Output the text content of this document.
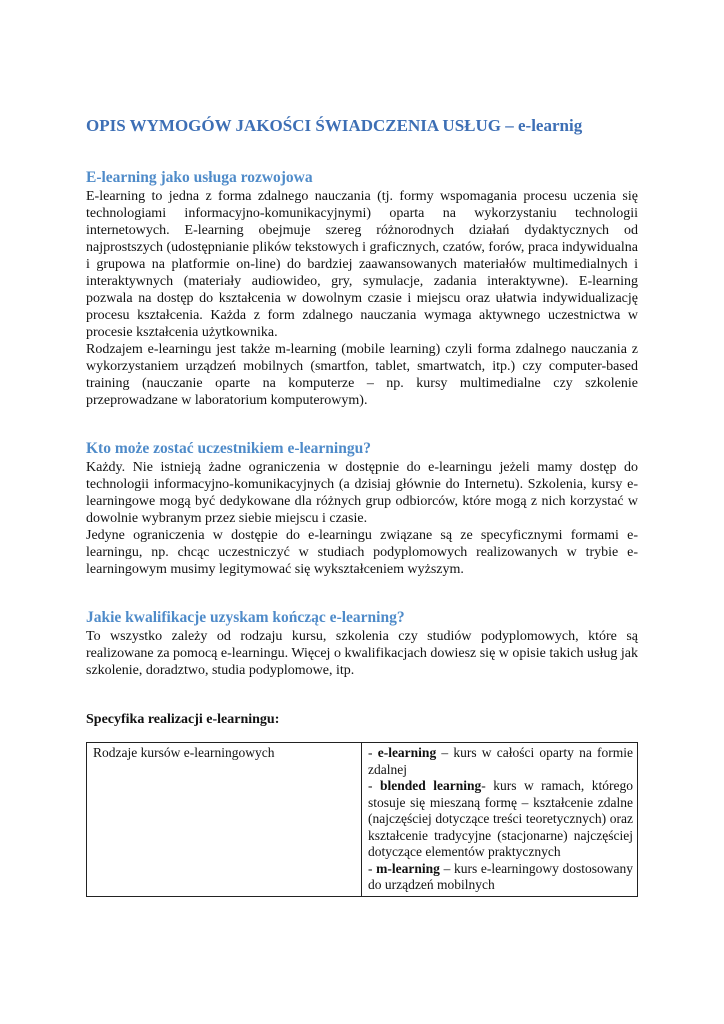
OPIS WYMOGÓW JAKOŚCI ŚWIADCZENIA USŁUG – e-learnig
E-learning jako usługa rozwojowa

E-learning to jedna z forma zdalnego nauczania (tj. formy wspomagania procesu uczenia się technologiami informacyjno-komunikacyjnymi) oparta na wykorzystaniu technologii internetowych. E-learning obejmuje szereg różnorodnych działań dydaktycznych od najprostszych (udostępnianie plików tekstowych i graficznych, czatów, forów, praca indywidualna i grupowa na platformie on-line) do bardziej zaawansowanych materiałów multimedialnych i interaktywnych (materiały audiowideo, gry, symulacje, zadania interaktywne). E-learning pozwala na dostęp do kształcenia w dowolnym czasie i miejscu oraz ułatwia indywidualizację procesu kształcenia. Każda z form zdalnego nauczania wymaga aktywnego uczestnictwa w procesie kształcenia użytkownika.

Rodzajem e-learningu jest także m-learning (mobile learning) czyli forma zdalnego nauczania z wykorzystaniem urządzeń mobilnych (smartfon, tablet, smartwatch, itp.) czy computer-based training (nauczanie oparte na komputerze – np. kursy multimedialne czy szkolenie przeprowadzane w laboratorium komputerowym).

Kto może zostać uczestnikiem e-learningu?

Każdy. Nie istnieją żadne ograniczenia w dostępnie do e-learningu jeżeli mamy dostęp do technologii informacyjno-komunikacyjnych (a dzisiaj głównie do Internetu). Szkolenia, kursy e-learningowe mogą być dedykowane dla różnych grup odbiorców, które mogą z nich korzystać w dowolnie wybranym przez siebie miejscu i czasie.

Jedyne ograniczenia w dostępie do e-learningu związane są ze specyficznymi formami e-learningu, np. chcąc uczestniczyć w studiach podyplomowych realizowanych w trybie e-learningowym musimy legitymować się wykształceniem wyższym.

Jakie kwalifikacje uzyskam kończąc e-learning?

To wszystko zależy od rodzaju kursu, szkolenia czy studiów podyplomowych, które są realizowane za pomocą e-learningu. Więcej o kwalifikacjach dowiesz się w opisie takich usług jak szkolenie, doradztwo, studia podyplomowe, itp.

Specyfika realizacji e-learningu:

Rodzaje kursów e-learningowych	- e-learning – kurs w całości oparty na formie zdalnej
- blended learning- kurs w ramach, którego stosuje się mieszaną formę – kształcenie zdalne (najczęściej dotyczące treści teoretycznych) oraz kształcenie tradycyjne (stacjonarne) najczęściej dotyczące elementów praktycznych
- m-learning – kurs e-learningowy dostosowany do urządzeń mobilnych
